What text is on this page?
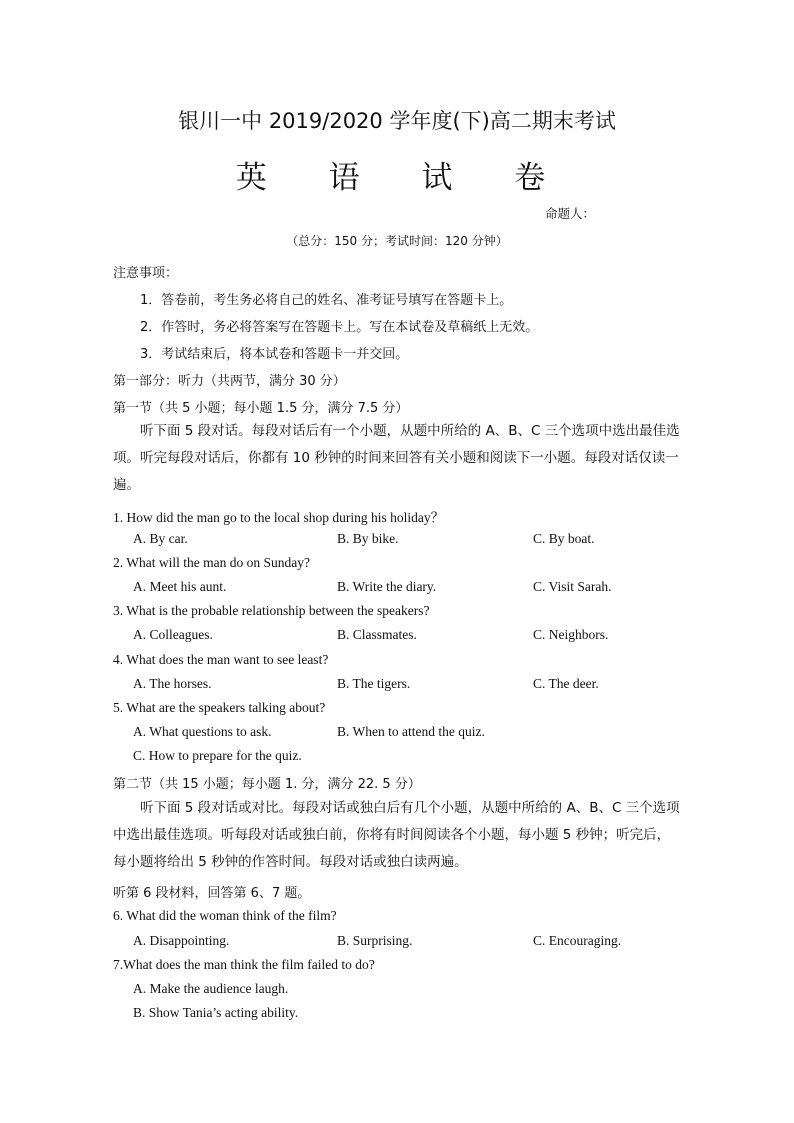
银川一中 2019/2020 学年度(下)高二期末考试
英 语 试 卷
命题人：
（总分：150 分；考试时间：120 分钟）
注意事项：
1．答卷前，考生务必将自己的姓名、准考证号填写在答题卡上。
2．作答时，务必将答案写在答题卡上。写在本试卷及草稿纸上无效。
3．考试结束后，将本试卷和答题卡一并交回。
第一部分：听力（共两节，满分 30 分）
第一节（共 5 小题；每小题 1.5 分，满分 7.5 分）
听下面 5 段对话。每段对话后有一个小题，从题中所给的 A、B、C 三个选项中选出最佳选项。听完每段对话后，你都有 10 秒钟的时间来回答有关小题和阅读下一小题。每段对话仅读一遍。
1. How did the man go to the local shop during his holiday？
A. By car.	B. By bike.	C. By boat.
2. What will the man do on Sunday?
A. Meet his aunt.	B. Write the diary.	C. Visit Sarah.
3. What is the probable relationship between the speakers?
A. Colleagues.	B. Classmates.	C. Neighbors.
4. What does the man want to see least?
A. The horses.	B. The tigers.	C. The deer.
5. What are the speakers talking about?
A. What questions to ask.	B. When to attend the quiz.
C. How to prepare for the quiz.
第二节（共 15 小题；每小题 1. 分，满分 22. 5 分）
听下面 5 段对话或对比。每段对话或独白后有几个小题，从题中所给的 A、B、C 三个选项中选出最佳选项。听每段对话或独白前，你将有时间阅读各个小题，每小题 5 秒钟；听完后，每小题将给出 5 秒钟的作答时间。每段对话或独白读两遍。
听第 6 段材料，回答第 6、7 题。
6. What did the woman think of the film?
A. Disappointing.	B. Surprising.	C. Encouraging.
7.What does the man think the film failed to do?
A. Make the audience laugh.
B. Show Tania’s acting ability.
